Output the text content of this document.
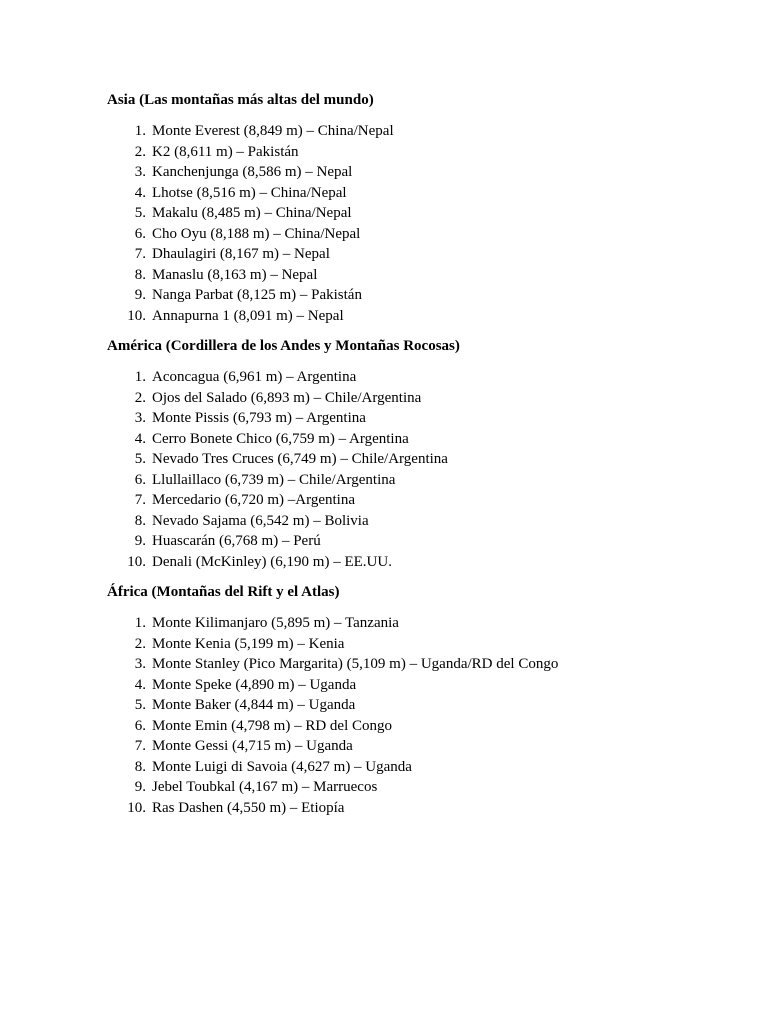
Asia (Las montañas más altas del mundo)
1. Monte Everest (8,849 m) – China/Nepal
2. K2 (8,611 m) – Pakistán
3. Kanchenjunga (8,586 m) – Nepal
4. Lhotse (8,516 m) – China/Nepal
5. Makalu (8,485 m) – China/Nepal
6. Cho Oyu (8,188 m) – China/Nepal
7. Dhaulagiri (8,167 m) – Nepal
8. Manaslu (8,163 m) – Nepal
9. Nanga Parbat (8,125 m) – Pakistán
10. Annapurna 1 (8,091 m) – Nepal
América (Cordillera de los Andes y Montañas Rocosas)
1. Aconcagua (6,961 m) – Argentina
2. Ojos del Salado (6,893 m) – Chile/Argentina
3. Monte Pissis (6,793 m) – Argentina
4. Cerro Bonete Chico (6,759 m) – Argentina
5. Nevado Tres Cruces (6,749 m) – Chile/Argentina
6. Llullaillaco (6,739 m) – Chile/Argentina
7. Mercedario (6,720 m) –Argentina
8. Nevado Sajama (6,542 m) – Bolivia
9. Huascarán (6,768 m) – Perú
10. Denali (McKinley) (6,190 m) – EE.UU.
África (Montañas del Rift y el Atlas)
1. Monte Kilimanjaro (5,895 m) – Tanzania
2. Monte Kenia (5,199 m) – Kenia
3. Monte Stanley (Pico Margarita) (5,109 m) – Uganda/RD del Congo
4. Monte Speke (4,890 m) – Uganda
5. Monte Baker (4,844 m) – Uganda
6. Monte Emin (4,798 m) – RD del Congo
7. Monte Gessi (4,715 m) – Uganda
8. Monte Luigi di Savoia (4,627 m) – Uganda
9. Jebel Toubkal (4,167 m) – Marruecos
10. Ras Dashen (4,550 m) – Etiopía
